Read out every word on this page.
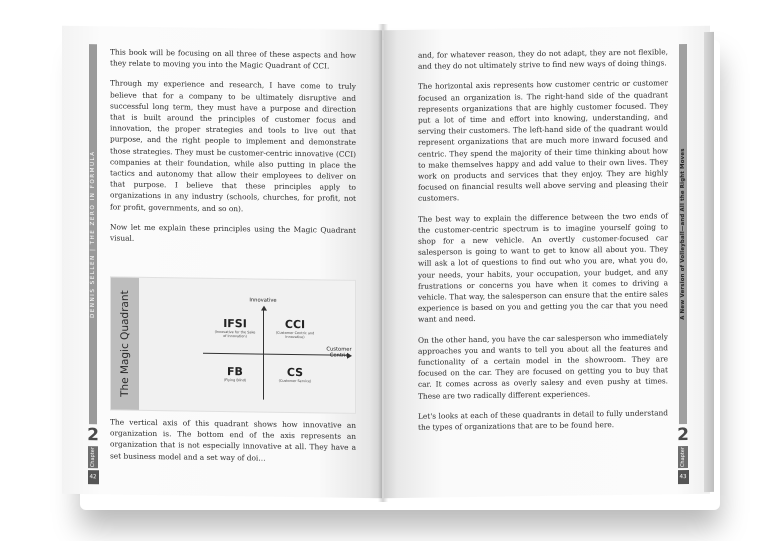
DENNIS SELLEN | THE ZERO IN FORMULA
2
Chapter
42

This book will be focusing on all three of these aspects and how they relate to moving you into the Magic Quadrant of CCI.

Through my experience and research, I have come to truly believe that for a company to be ultimately disruptive and successful long term, they must have a purpose and direction that is built around the principles of customer focus and innovation, the proper strategies and tools to live out that purpose, and the right people to implement and demonstrate those strategies. They must be customer-centric innovative (CCI) companies at their foundation, while also putting in place the tactics and autonomy that allow their employees to deliver on that purpose. I believe that these principles apply to organizations in any industry (schools, churches, for profit, not for profit, governments, and so on).

Now let me explain these principles using the Magic Quadrant visual.

The Magic Quadrant	Innovative
Customer Centric
IFSI
(Innovative for the Sake of Innovation)
CCI
(Customer Centric and Innovative)
FB
(Flying Blind)
CS
(Customer Service)

The vertical axis of this quadrant shows how innovative an organization is. The bottom end of the axis represents an organization that is not especially innovative at all. They have a set business model and a set way of doi…

and, for whatever reason, they do not adapt, they are not flexible, and they do not ultimately strive to find new ways of doing things.

The horizontal axis represents how customer centric or customer focused an organization is. The right-hand side of the quadrant represents organizations that are highly customer focused. They put a lot of time and effort into knowing, understanding, and serving their customers. The left-hand side of the quadrant would represent organizations that are much more inward focused and centric. They spend the majority of their time thinking about how to make themselves happy and add value to their own lives. They work on products and services that they enjoy. They are highly focused on financial results well above serving and pleasing their customers.

The best way to explain the difference between the two ends of the customer-centric spectrum is to imagine yourself going to shop for a new vehicle. An overtly customer-focused car salesperson is going to want to get to know all about you. They will ask a lot of questions to find out who you are, what you do, your needs, your habits, your occupation, your budget, and any frustrations or concerns you have when it comes to driving a vehicle. That way, the salesperson can ensure that the entire sales experience is based on you and getting you the car that you need want and need.

On the other hand, you have the car salesperson who immediately approaches you and wants to tell you about all the features and functionality of a certain model in the showroom. They are focused on the car. They are focused on getting you to buy that car. It comes across as overly salesy and even pushy at times. These are two radically different experiences.

Let's looks at each of these quadrants in detail to fully understand the types of organizations that are to be found here.

A New Version of Volleyball—and All the Right Moves
2
Chapter
43
